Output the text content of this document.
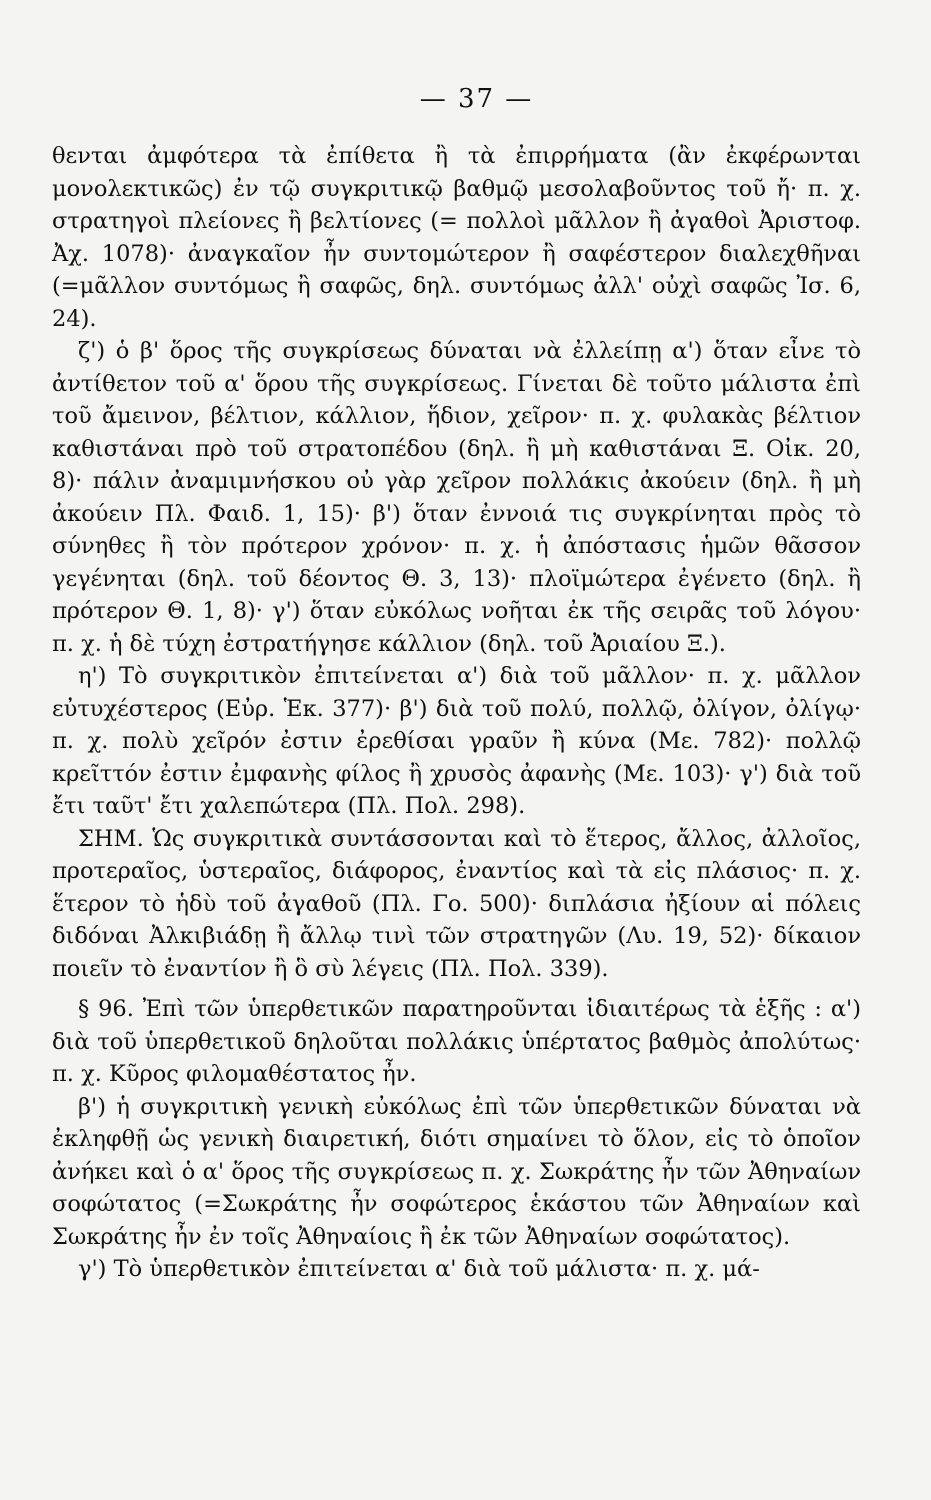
— 37 —

θενται ἀμφότερα τὰ ἐπίθετα ἢ τὰ ἐπιρρήματα (ἂν ἐκφέρωνται μονολεκτικῶς) ἐν τῷ συγκριτικῷ βαθμῷ μεσολαβοῦντος τοῦ ἤ· π. χ. στρατηγοὶ πλείονες ἢ βελτίονες (= πολλοὶ μᾶλλον ἢ ἀγαθοὶ Ἀριστοφ. Ἀχ. 1078)· ἀναγκαῖον ἦν συντομώτερον ἢ σαφέστερον διαλεχθῆναι (=μᾶλλον συντόμως ἢ σαφῶς, δηλ. συντόμως ἀλλ' οὐχὶ σαφῶς Ἰσ. 6, 24).

ζ') ὁ β' ὅρος τῆς συγκρίσεως δύναται νὰ ἐλλείπῃ α') ὅταν εἶνε τὸ ἀντίθετον τοῦ α' ὅρου τῆς συγκρίσεως. Γίνεται δὲ τοῦτο μάλιστα ἐπὶ τοῦ ἄμεινον, βέλτιον, κάλλιον, ἥδιον, χεῖρον· π. χ. φυλακὰς βέλτιον καθιστάναι πρὸ τοῦ στρατοπέδου (δηλ. ἢ μὴ καθιστάναι Ξ. Οἰκ. 20, 8)· πάλιν ἀναμιμνήσκου οὐ γὰρ χεῖρον πολλάκις ἀκούειν (δηλ. ἢ μὴ ἀκούειν Πλ. Φαιδ. 1, 15)· β') ὅταν ἐννοιά τις συγκρίνηται πρὸς τὸ σύνηθες ἢ τὸν πρότερον χρόνον· π. χ. ἡ ἀπόστασις ἡμῶν θᾶσσον γεγένηται (δηλ. τοῦ δέοντος Θ. 3, 13)· πλοϊμώτερα ἐγένετο (δηλ. ἢ πρότερον Θ. 1, 8)· γ') ὅταν εὐκόλως νοῆται ἐκ τῆς σειρᾶς τοῦ λόγου· π. χ. ἡ δὲ τύχη ἐστρατήγησε κάλλιον (δηλ. τοῦ Ἀριαίου Ξ.).

η') Τὸ συγκριτικὸν ἐπιτείνεται α') διὰ τοῦ μᾶλλον· π. χ. μᾶλλον εὐτυχέστερος (Εὐρ. Ἑκ. 377)· β') διὰ τοῦ πολύ, πολλῷ, ὀλίγον, ὀλίγῳ· π. χ. πολὺ χεῖρόν ἐστιν ἐρεθίσαι γραῦν ἢ κύνα (Με. 782)· πολλῷ κρεῖττόν ἐστιν ἐμφανὴς φίλος ἢ χρυσὸς ἀφανὴς (Με. 103)· γ') διὰ τοῦ ἔτι ταῦτ' ἔτι χαλεπώτερα (Πλ. Πολ. 298).

ΣΗΜ. Ὡς συγκριτικὰ συντάσσονται καὶ τὸ ἕτερος, ἄλλος, ἀλλοῖος, προτεραῖος, ὑστεραῖος, διάφορος, ἐναντίος καὶ τὰ εἰς πλάσιος· π. χ. ἕτερον τὸ ἡδὺ τοῦ ἀγαθοῦ (Πλ. Γο. 500)· διπλάσια ἠξίουν αἱ πόλεις διδόναι Ἀλκιβιάδῃ ἢ ἄλλῳ τινὶ τῶν στρατηγῶν (Λυ. 19, 52)· δίκαιον ποιεῖν τὸ ἐναντίον ἢ ὃ σὺ λέγεις (Πλ. Πολ. 339).

§ 96. Ἐπὶ τῶν ὑπερθετικῶν παρατηροῦνται ἰδιαιτέρως τὰ ἑξῆς : α') διὰ τοῦ ὑπερθετικοῦ δηλοῦται πολλάκις ὑπέρτατος βαθμὸς ἀπολύτως· π. χ. Κῦρος φιλομαθέστατος ἦν.

β') ἡ συγκριτικὴ γενικὴ εὐκόλως ἐπὶ τῶν ὑπερθετικῶν δύναται νὰ ἐκληφθῇ ὡς γενικὴ διαιρετική, διότι σημαίνει τὸ ὅλον, εἰς τὸ ὁποῖον ἀνήκει καὶ ὁ α' ὅρος τῆς συγκρίσεως π. χ. Σωκράτης ἦν τῶν Ἀθηναίων σοφώτατος (=Σωκράτης ἦν σοφώτερος ἑκάστου τῶν Ἀθηναίων καὶ Σωκράτης ἦν ἐν τοῖς Ἀθηναίοις ἢ ἐκ τῶν Ἀθηναίων σοφώτατος).

γ') Τὸ ὑπερθετικὸν ἐπιτείνεται α' διὰ τοῦ μάλιστα· π. χ. μά-
